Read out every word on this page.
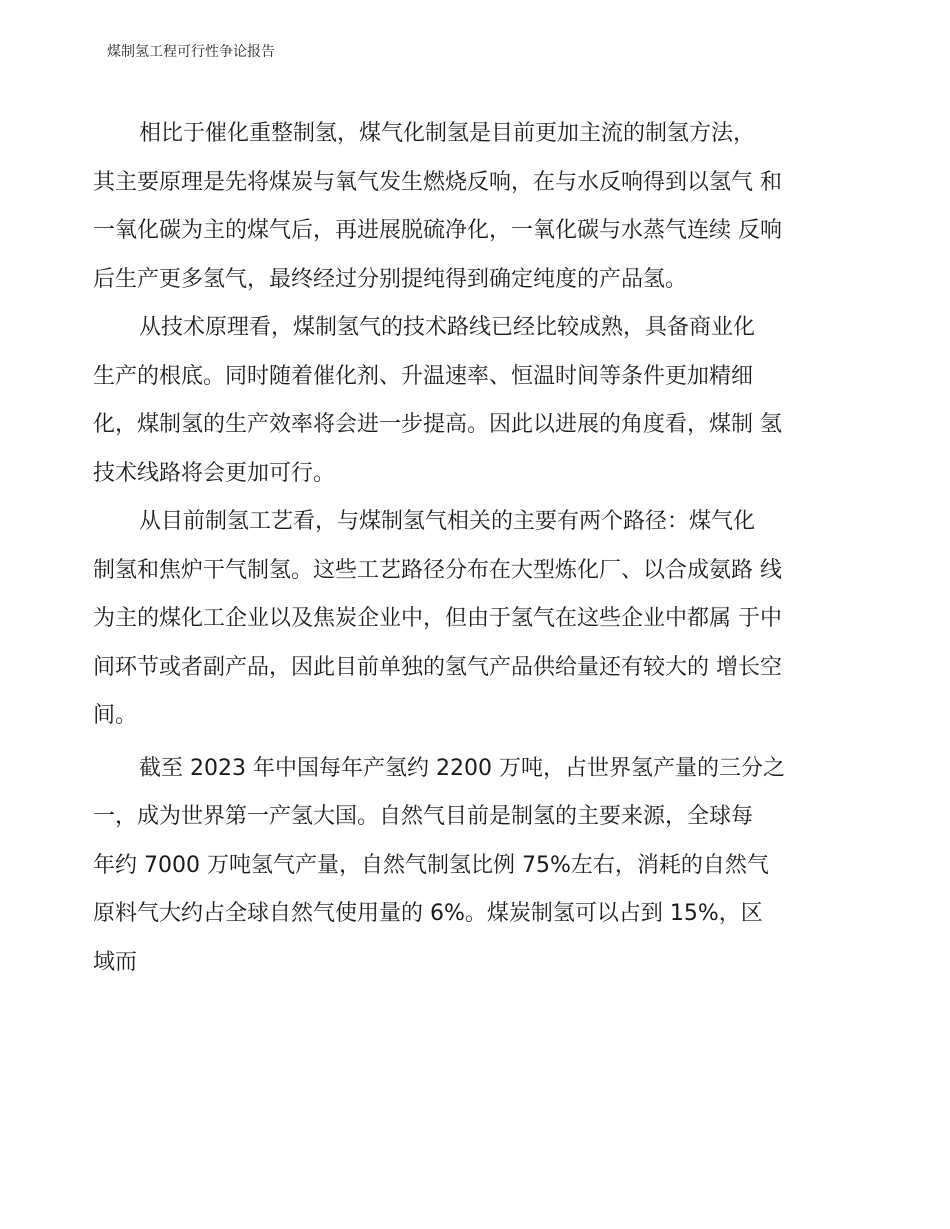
煤制氢工程可行性争论报告
相比于催化重整制氢，煤气化制氢是目前更加主流的制氢方法，
其主要原理是先将煤炭与氧气发生燃烧反响，在与水反响得到以氢气 和
一氧化碳为主的煤气后，再进展脱硫净化，一氧化碳与水蒸气连续 反响
后生产更多氢气，最终经过分别提纯得到确定纯度的产品氢。
从技术原理看，煤制氢气的技术路线已经比较成熟，具备商业化
生产的根底。同时随着催化剂、升温速率、恒温时间等条件更加精细
化，煤制氢的生产效率将会进一步提高。因此以进展的角度看，煤制 氢
技术线路将会更加可行。
从目前制氢工艺看，与煤制氢气相关的主要有两个路径：煤气化
制氢和焦炉干气制氢。这些工艺路径分布在大型炼化厂、以合成氨路 线
为主的煤化工企业以及焦炭企业中，但由于氢气在这些企业中都属 于中
间环节或者副产品，因此目前单独的氢气产品供给量还有较大的 增长空
间。
截至 2023 年中国每年产氢约 2200 万吨，占世界氢产量的三分之
一，成为世界第一产氢大国。自然气目前是制氢的主要来源，全球每
年约 7000 万吨氢气产量，自然气制氢比例 75%左右，消耗的自然气
原料气大约占全球自然气使用量的 6%。煤炭制氢可以占到 15%，区
域而
